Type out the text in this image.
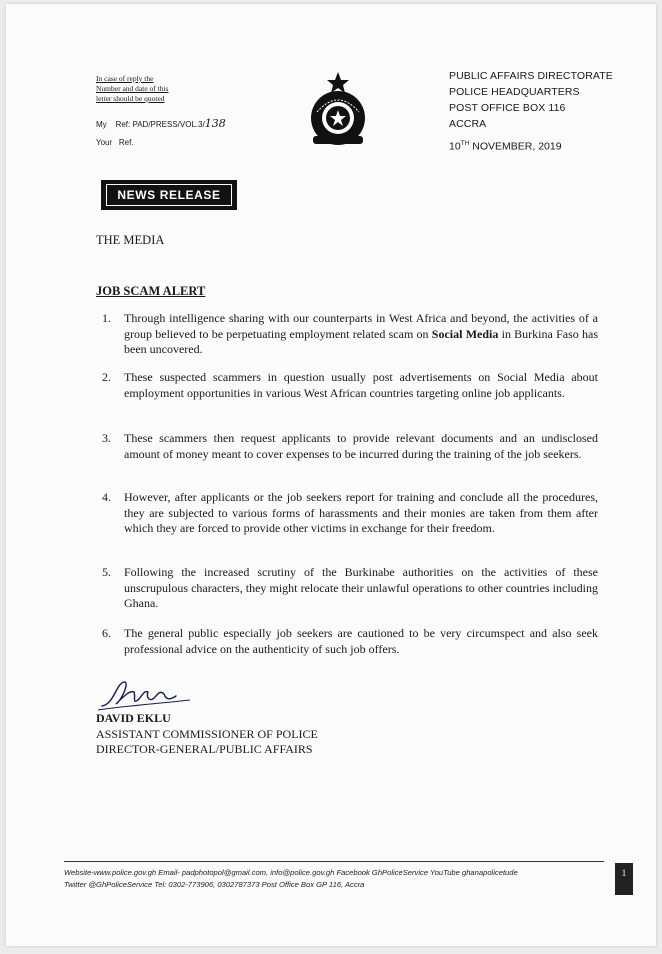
In case of reply the
Number and date of this
letter should be quoted
My Ref: PAD/PRESS/VOL.3/138
Your Ref.
PUBLIC AFFAIRS DIRECTORATE
POLICE HEADQUARTERS
POST OFFICE BOX 116
ACCRA
10TH NOVEMBER, 2019
NEWS RELEASE
THE MEDIA
JOB SCAM ALERT
1. Through intelligence sharing with our counterparts in West Africa and beyond, the activities of a group believed to be perpetuating employment related scam on Social Media in Burkina Faso has been uncovered.
2. These suspected scammers in question usually post advertisements on Social Media about employment opportunities in various West African countries targeting online job applicants.
3. These scammers then request applicants to provide relevant documents and an undisclosed amount of money meant to cover expenses to be incurred during the training of the job seekers.
4. However, after applicants or the job seekers report for training and conclude all the procedures, they are subjected to various forms of harassments and their monies are taken from them after which they are forced to provide other victims in exchange for their freedom.
5. Following the increased scrutiny of the Burkinabe authorities on the activities of these unscrupulous characters, they might relocate their unlawful operations to other countries including Ghana.
6. The general public especially job seekers are cautioned to be very circumspect and also seek professional advice on the authenticity of such job offers.
DAVID EKLU
ASSISTANT COMMISSIONER OF POLICE
DIRECTOR-GENERAL/PUBLIC AFFAIRS
Website-www.police.gov.gh Email- padphotopol@gmail.com, info@police.gov.gh Facebook GhPoliceService YouTube ghanapolicetude
Twitter @GhPoliceService Tel: 0302-773906, 0302787373 Post Office Box GP 116, Accra
1
